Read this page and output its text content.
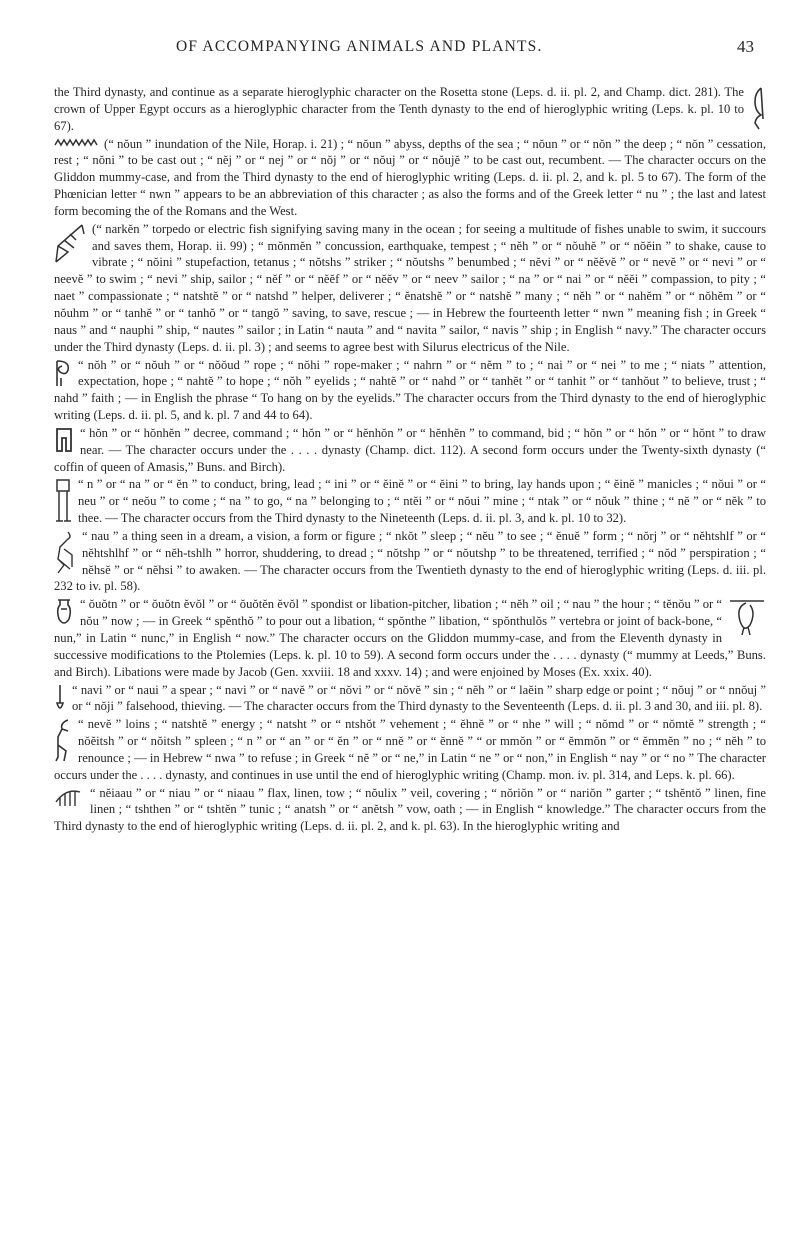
OF ACCOMPANYING ANIMALS AND PLANTS.	43

the Third dynasty, and continue as a separate hieroglyphic character on the Rosetta stone (Leps. d. ii. pl. 2, and Champ. dict. 281). The crown of Upper Egypt occurs as a hieroglyphic character from the Tenth dynasty to the end of hieroglyphic writing (Leps. k. pl. 10 to 67).

(“ nŏun ” inundation of the Nile, Horap. i. 21) ; “ nŏun ” abyss, depths of the sea ; “ nŏun ” or “ nŏn ” the deep ; “ nŏn ” cessation, rest ; “ nŏni ” to be cast out ; “ nĕj ” or “ nej ” or “ nŏj ” or “ nŏuj ” or “ nŏujĕ ” to be cast out, recumbent. — The character occurs on the Gliddon mummy-case, and from the Third dynasty to the end of hieroglyphic writing (Leps. d. ii. pl. 2, and k. pl. 5 to 67). The form of the Phœnician letter “ nwn ” appears to be an abbreviation of this character ; as also the forms and of the Greek letter “ nu ” ; the last and latest form becoming the of the Romans and the West.

(“ narkĕn ” torpedo or electric fish signifying saving many in the ocean ; for seeing a multitude of fishes unable to swim, it succours and saves them, Horap. ii. 99) ; “ mŏnmĕn ” concussion, earthquake, tempest ; “ nĕh ” or “ nŏuhĕ ” or “ nŏĕin ” to shake, cause to vibrate ; “ nŏini ” stupefaction, tetanus ; “ nŏtshs ” striker ; “ nŏutshs ” benumbed ; “ nĕvi ” or “ nĕĕvĕ ” or “ nevĕ ” or “ nevi ” or “ neevĕ ” to swim ; “ nevi ” ship, sailor ; “ nĕf ” or “ nĕĕf ” or “ nĕĕv ” or “ neev ” sailor ; “ na ” or “ nai ” or “ nĕĕi ” compassion, to pity ; “ naet ” compassionate ; “ natshtĕ ” or “ natshd ” helper, deliverer ; “ ĕnatshĕ ” or “ natshĕ ” many ; “ nĕh ” or “ nahĕm ” or “ nŏhĕm ” or “ nŏuhm ” or “ tanhĕ ” or “ tanhŏ ” or “ tangŏ ” saving, to save, rescue ; — in Hebrew the fourteenth letter “ nwn ” meaning fish ; in Greek “ naus ” and “ nauphi ” ship, “ nautes ” sailor ; in Latin “ nauta ” and “ navita ” sailor, “ navis ” ship ; in English “ navy.” The character occurs under the Third dynasty (Leps. d. ii. pl. 3) ; and seems to agree best with Silurus electricus of the Nile.

“ nŏh ” or “ nŏuh ” or “ nŏŏud ” rope ; “ nŏhi ” rope-maker ; “ nahrn ” or “ nĕm ” to ; “ nai ” or “ nei ” to me ; “ niats ” attention, expectation, hope ; “ nahtĕ ” to hope ; “ nŏh ” eyelids ; “ nahtĕ ” or “ nahd ” or “ tanhĕt ” or “ tanhit ” or “ tanhŏut ” to believe, trust ; “ nahd ” faith ; — in English the phrase “ To hang on by the eyelids.” The character occurs from the Third dynasty to the end of hieroglyphic writing (Leps. d. ii. pl. 5, and k. pl. 7 and 44 to 64).

“ hŏn ” or “ hŏnhĕn ” decree, command ; “ hŏn ” or “ hĕnhŏn ” or “ hĕnhĕn ” to command, bid ; “ hŏn ” or “ hŏn ” or “ hŏnt ” to draw near. — The character occurs under the . . . . dynasty (Champ. dict. 112). A second form occurs under the Twenty-sixth dynasty (“ coffin of queen of Amasis,” Buns. and Birch).

“ n ” or “ na ” or “ ĕn ” to conduct, bring, lead ; “ ini ” or “ ĕinĕ ” or “ ĕini ” to bring, lay hands upon ; “ ĕinĕ ” manicles ; “ nŏui ” or “ neu ” or “ neŏu ” to come ; “ na ” to go, “ na ” belonging to ; “ ntĕi ” or “ nŏui ” mine ; “ ntak ” or “ nŏuk ” thine ; “ nĕ ” or “ nĕk ” to thee. — The character occurs from the Third dynasty to the Nineteenth (Leps. d. ii. pl. 3, and k. pl. 10 to 32).

“ nau ” a thing seen in a dream, a vision, a form or figure ; “ nkŏt ” sleep ; “ nĕu ” to see ; “ ĕnuĕ ” form ; “ nŏrj ” or “ nĕhtshlf ” or “ nĕhtshlhf ” or “ nĕh-tshlh ” horror, shuddering, to dread ; “ nŏtshp ” or “ nŏutshp ” to be threatened, terrified ; “ nŏd ” perspiration ; “ nĕhsĕ ” or “ nĕhsi ” to awaken. — The character occurs from the Twentieth dynasty to the end of hieroglyphic writing (Leps. d. iii. pl. 232 to iv. pl. 58).

“ ŏuŏtn ” or “ ŏuŏtn ĕvŏl ” or “ ŏuŏtĕn ĕvŏl ” spondist or libation-pitcher, libation ; “ nĕh ” oil ; “ nau ” the hour ; “ tĕnŏu ” or “ nŏu ” now ; — in Greek “ spĕnthŏ ” to pour out a libation, “ spŏnthe ” libation, “ spŏnthulŏs ” vertebra or joint of back-bone, “ nun,” in Latin “ nunc,” in English “ now.” The character occurs on the Gliddon mummy-case, and from the Eleventh dynasty in successive modifications to the Ptolemies (Leps. k. pl. 10 to 59). A second form occurs under the . . . . dynasty (“ mummy at Leeds,” Buns. and Birch). Libations were made by Jacob (Gen. xxviii. 18 and xxxv. 14) ; and were enjoined by Moses (Ex. xxix. 40).

“ navi ” or “ naui ” a spear ; “ navi ” or “ navĕ ” or “ nŏvi ” or “ nŏvĕ ” sin ; “ nĕh ” or “ laĕin ” sharp edge or point ; “ nŏuj ” or “ nnŏuj ” or “ nŏji ” falsehood, thieving. — The character occurs from the Third dynasty to the Seventeenth (Leps. d. ii. pl. 3 and 30, and iii. pl. 8).

“ nevĕ ” loins ; “ natshtĕ ” energy ; “ natsht ” or “ ntshŏt ” vehement ; “ ĕhnĕ ” or “ nhe ” will ; “ nŏmd ” or “ nŏmtĕ ” strength ; “ nŏĕitsh ” or “ nŏitsh ” spleen ; “ n ” or “ an ” or “ ĕn ” or “ nnĕ ” or “ ĕnnĕ ” “ or mmŏn ” or “ ĕmmŏn ” or “ ĕmmĕn ” no ; “ nĕh ” to renounce ; — in Hebrew “ nwa ” to refuse ; in Greek “ nĕ ” or “ ne,” in Latin “ ne ” or “ non,” in English “ nay ” or “ no ” The character occurs under the . . . . dynasty, and continues in use until the end of hieroglyphic writing (Champ. mon. iv. pl. 314, and Leps. k. pl. 66).

“ nĕiaau ” or “ niau ” or “ niaau ” flax, linen, tow ; “ nŏulix ” veil, covering ; “ nŏriŏn ” or “ nariŏn ” garter ; “ tshĕntŏ ” linen, fine linen ; “ tshthen ” or “ tshtĕn ” tunic ; “ anatsh ” or “ anĕtsh ” vow, oath ; — in English “ knowledge.” The character occurs from the Third dynasty to the end of hieroglyphic writing (Leps. d. ii. pl. 2, and k. pl. 63). In the hieroglyphic writing and
